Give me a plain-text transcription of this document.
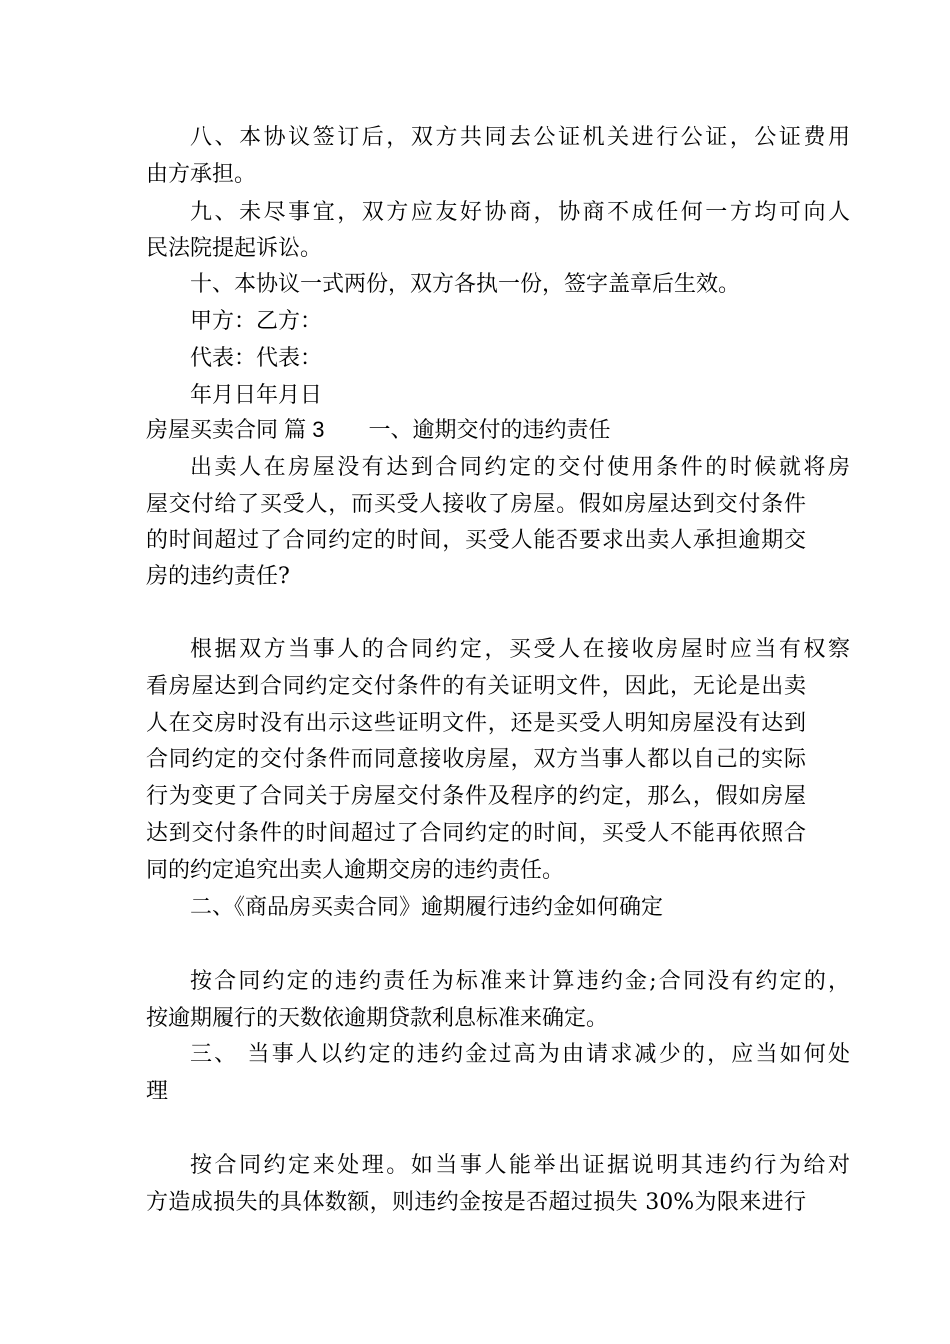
八、本协议签订后，双方共同去公证机关进行公证，公证费用
由方承担。
九、未尽事宜，双方应友好协商，协商不成任何一方均可向人
民法院提起诉讼。
十、本协议一式两份，双方各执一份，签字盖章后生效。
甲方：乙方：
代表：代表：
年月日年月日
房屋买卖合同 篇 3 一、逾期交付的违约责任
出卖人在房屋没有达到合同约定的交付使用条件的时候就将房
屋交付给了买受人，而买受人接收了房屋。假如房屋达到交付条件
的时间超过了合同约定的时间，买受人能否要求出卖人承担逾期交
房的违约责任?
根据双方当事人的合同约定，买受人在接收房屋时应当有权察
看房屋达到合同约定交付条件的有关证明文件，因此，无论是出卖
人在交房时没有出示这些证明文件，还是买受人明知房屋没有达到
合同约定的交付条件而同意接收房屋，双方当事人都以自己的实际
行为变更了合同关于房屋交付条件及程序的约定，那么，假如房屋
达到交付条件的时间超过了合同约定的时间，买受人不能再依照合
同的约定追究出卖人逾期交房的违约责任。
二、《商品房买卖合同》逾期履行违约金如何确定
按合同约定的违约责任为标准来计算违约金;合同没有约定的，
按逾期履行的天数依逾期贷款利息标准来确定。
三、 当事人以约定的违约金过高为由请求减少的，应当如何处
理
按合同约定来处理。如当事人能举出证据说明其违约行为给对
方造成损失的具体数额，则违约金按是否超过损失 30%为限来进行
